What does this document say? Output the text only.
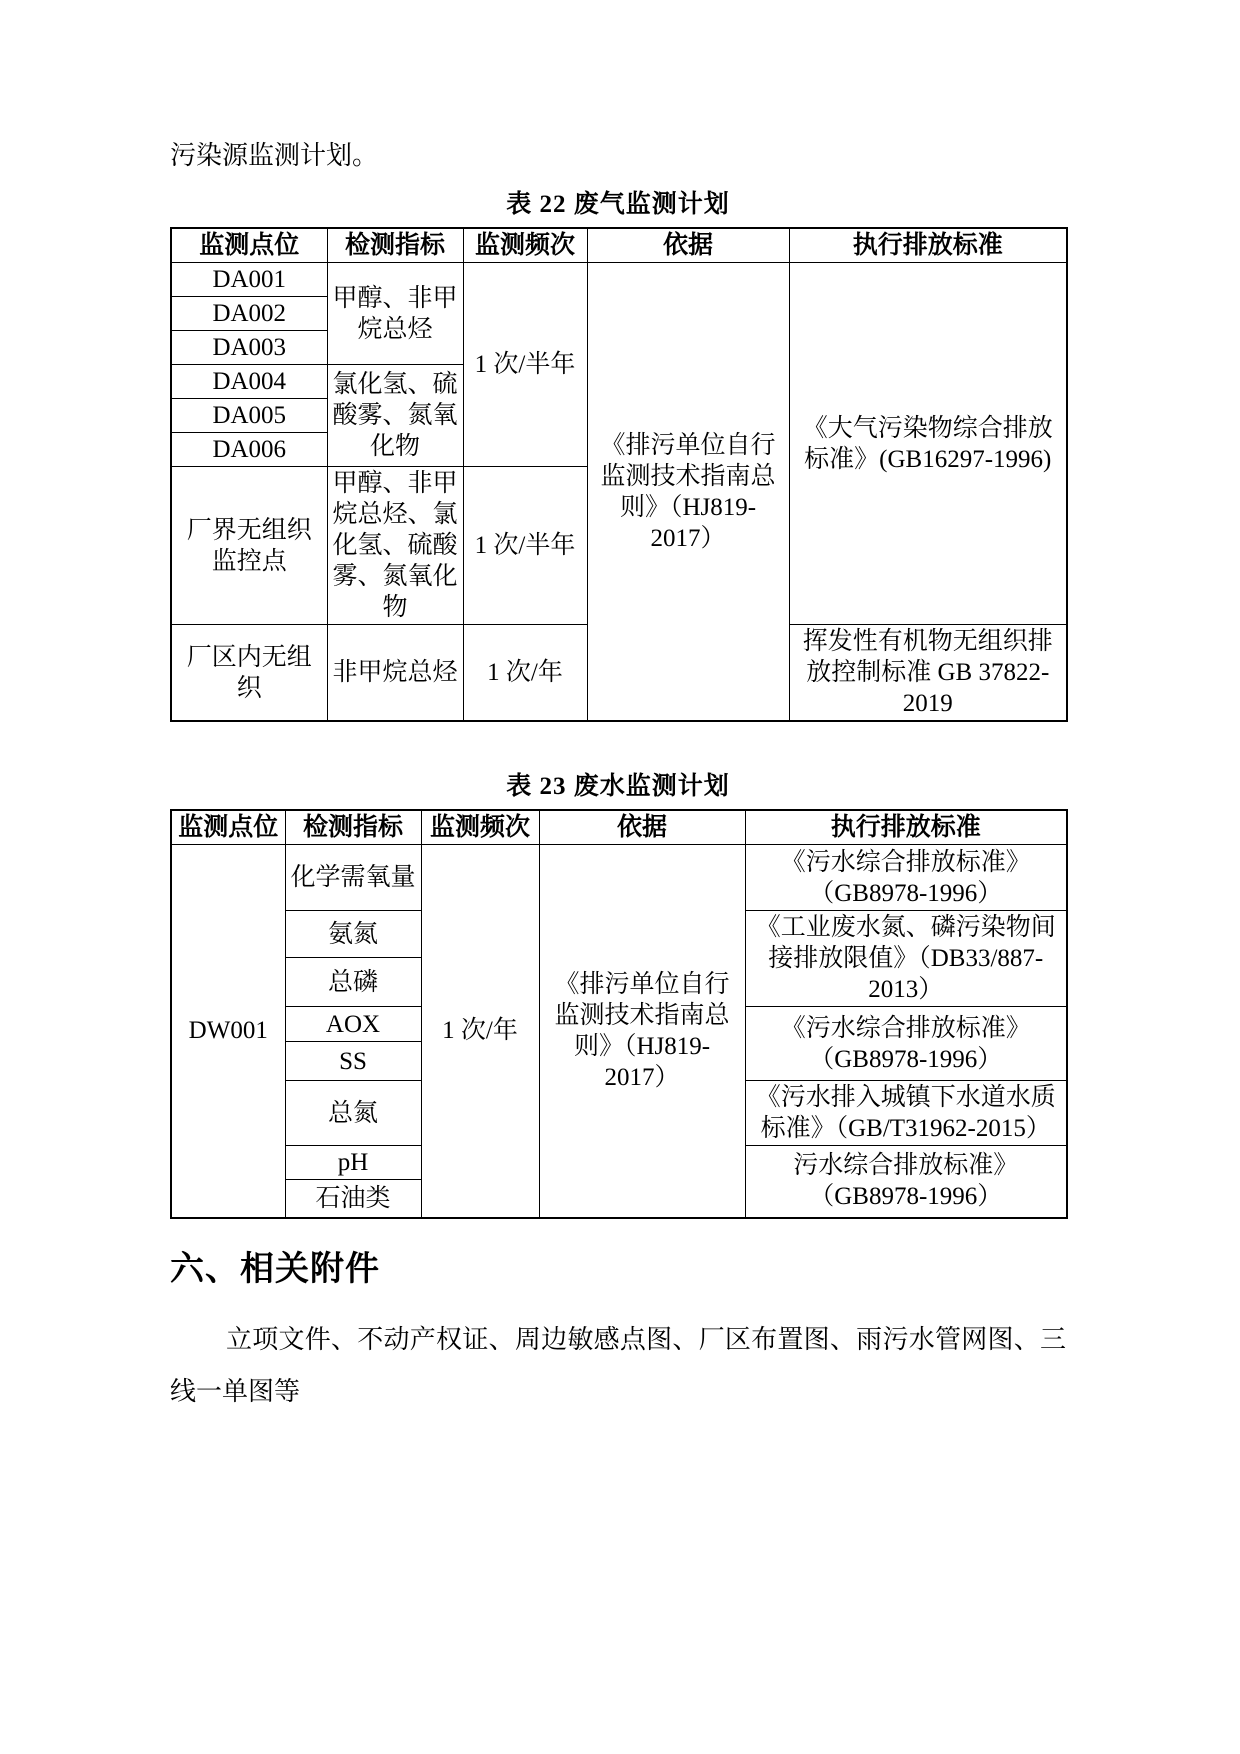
污染源监测计划。

表 22 废气监测计划

监测点位	检测指标	监测频次	依据	执行排放标准
DA001	甲醇、非甲烷总烃	1 次/半年	《排污单位自行监测技术指南总则》（HJ819-2017）	《大气污染物综合排放标准》(GB16297-1996)
DA002				
DA003				
DA004	氯化氢、硫酸雾、氮氧化物			
DA005				
DA006				
厂界无组织监控点	甲醇、非甲烷总烃、氯化氢、硫酸雾、氮氧化物	1 次/半年		
厂区内无组织	非甲烷总烃	1 次/年		挥发性有机物无组织排放控制标准 GB 37822-2019

表 23 废水监测计划

监测点位	检测指标	监测频次	依据	执行排放标准
DW001	化学需氧量	1 次/年	《排污单位自行监测技术指南总则》（HJ819-2017）	《污水综合排放标准》（GB8978-1996）
	氨氮			《工业废水氮、磷污染物间接排放限值》（DB33/887-2013）
	总磷			
	AOX			《污水综合排放标准》（GB8978-1996）
	SS			
	总氮			《污水排入城镇下水道水质标准》（GB/T31962-2015）
	pH			污水综合排放标准》（GB8978-1996）
	石油类			
六、相关附件

立项文件、不动产权证、周边敏感点图、厂区布置图、雨污水管网图、三线一单图等
